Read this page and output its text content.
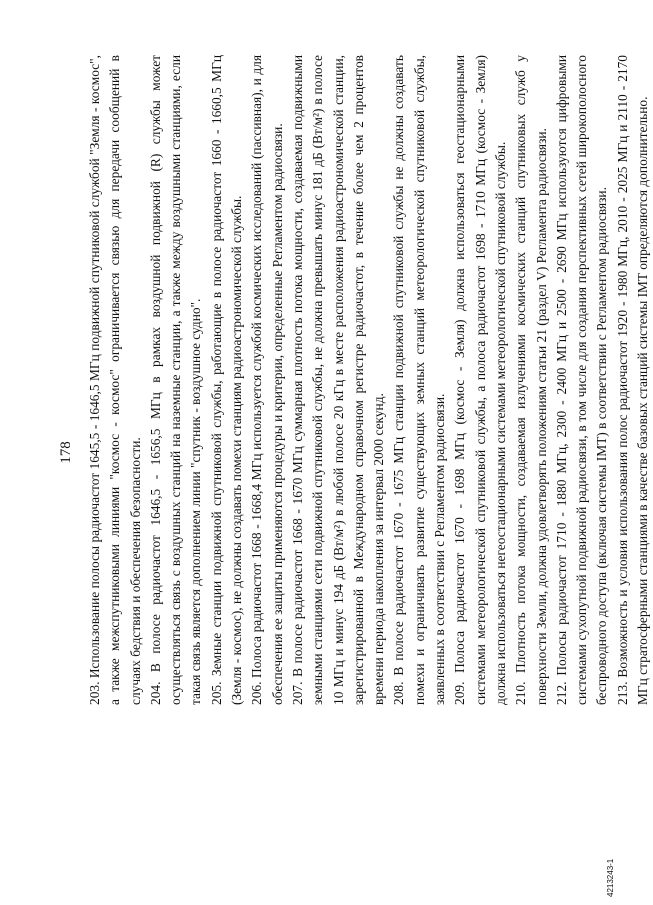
178 203. Использование полосы радиочастот 1645,5 - 1646,5 МГц подвижной спутниковой службой "Земля - космос", а также межспутниковыми линиями "космос - космос" ограничивается связью для передачи сообщений в случаях бедствия и обеспечения безопасности. 204. В полосе радиочастот 1646,5 - 1656,5 МГц в рамках воздушной подвижной (R) службы может осуществляться связь с воздушных станций на наземные станции, а также между воздушными станциями, если такая связь является дополнением линии "спутник - воздушное судно". 205. Земные станции подвижной спутниковой службы, работающие в полосе радиочастот 1660 - 1660,5 МГц (Земля - космос), не должны создавать помехи станциям радиоастрономической службы. 206. Полоса радиочастот 1668 - 1668,4 МГц используется службой космических исследований (пассивная), и для обеспечения ее защиты применяются процедуры и критерии, определенные Регламентом радиосвязи. 207. В полосе радиочастот 1668 - 1670 МГц суммарная плотность потока мощности, создаваемая подвижными земными станциями сети подвижной спутниковой службы, не должна превышать минус 181 дБ (Вт/м²) в полосе 10 МГц и минус 194 дБ (Вт/м²) в любой полосе 20 кГц в месте расположения радиоастрономической станции, зарегистрированной в Международном справочном регистре радиочастот, в течение более чем 2 процентов времени периода накопления за интервал 2000 секунд. 208. В полосе радиочастот 1670 - 1675 МГц станции подвижной спутниковой службы не должны создавать помехи и ограничивать развитие существующих земных станций метеорологической спутниковой службы, заявленных в соответствии с Регламентом радиосвязи. 209. Полоса радиочастот 1670 - 1698 МГц (космос - Земля) должна использоваться геостационарными системами метеорологической спутниковой службы, а полоса радиочастот 1698 - 1710 МГц (космос - Земля) должна использоваться негеостационарными системами метеорологической спутниковой службы. 210. Плотность потока мощности, создаваемая излучениями космических станций спутниковых служб у поверхности Земли, должна удовлетворять положениям статьи 21 (раздел V) Регламента радиосвязи. 212. Полосы радиочастот 1710 - 1880 МГц, 2300 - 2400 МГц и 2500 - 2690 МГц используются цифровыми системами сухопутной подвижной радиосвязи, в том числе для создания перспективных сетей широкополосного беспроводного доступа (включая системы IMT) в соответствии с Регламентом радиосвязи. 213. Возможность и условия использования полос радиочастот 1920 - 1980 МГц, 2010 - 2025 МГц и 2110 - 2170 МГц стратосферными станциями в качестве базовых станций системы IMT определяются дополнительно.

4213243-1
